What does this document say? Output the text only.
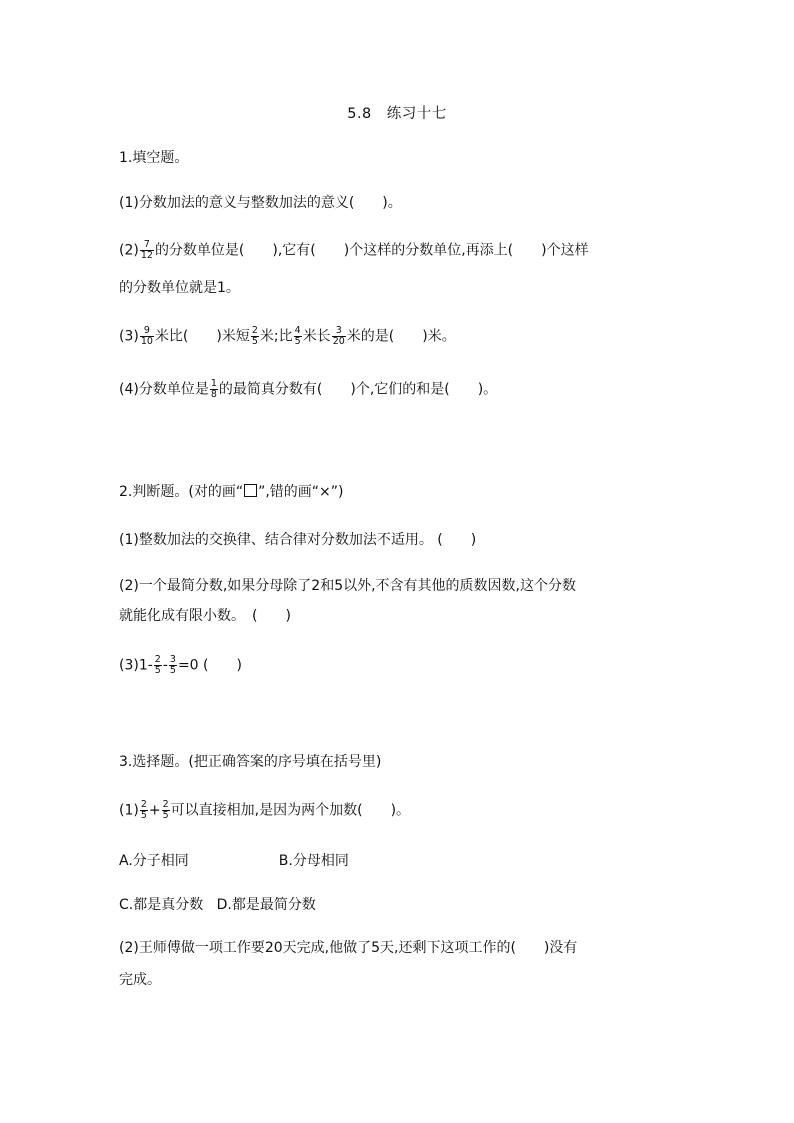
5.8　练习十七
1.填空题。
(1)分数加法的意义与整数加法的意义(　　)。
$(2) \frac{7}{12}$ 的分数单位是(　　),它有(　　)个这样的分数单位,再添上(　　)个这样
的分数单位就是1。
$(3) \frac{9}{10}$ 米比(　　)米短 $\frac{2}{5}$ 米;比 $\frac{4}{5}$ 米长 $\frac{3}{20}$ 米的是(　　)米。
(4)分数单位是 $\frac{1}{8}$ 的最简真分数有(　　)个,它们的和是(　　)。
2.判断题。(对的画“ ”,错的画“×”)
(1)整数加法的交换律、结合律对分数加法不适用。 (　　)
(2)一个最简分数,如果分母除了2和5以外,不含有其他的质数因数,这个分数
就能化成有限小数。　(　　)
$(3)1- \frac{2}{5} - \frac{3}{5} =0$ (　　)
3.选择题。(把正确答案的序号填在括号里)
$(1) \frac{2}{5} + \frac{2}{5}$ 可以直接相加,是因为两个加数(　　)。
A.分子相同	B.分母相同
C.都是真分数 D.都是最简分数
(2)王师傅做一项工作要20天完成,他做了5天,还剩下这项工作的(　　)没有
完成。
